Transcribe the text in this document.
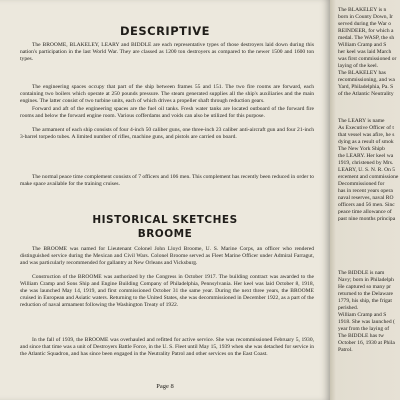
DESCRIPTIVE

The BROOME, BLAKELEY, LEARY and BIDDLE are each representative types of those destroyers laid down during this nation's participation in the last World War. They are classed as 1200 ton destroyers as compared to the newer 1500 and 1600 ton types.

The engineering spaces occupy that part of the ship between frames 55 and 151. The two fire rooms are forward, each containing two boilers which operate at 250 pounds pressure. The steam generated supplies all the ship's auxiliaries and the main engines. The latter consist of two turbine units, each of which drives a propeller shaft through reduction gears.

Forward and aft of the engineering spaces are the fuel oil tanks. Fresh water tanks are located outboard of the forward fire rooms and below the forward engine room. Various cofferdams and voids can also be utilized for this purpose.

The armament of each ship consists of four 4-inch 50 caliber guns, one three-inch 23 caliber anti-aircraft gun and four 21-inch 3-barrel torpedo tubes. A limited number of rifles, machine guns, and pistols are carried on board.

The normal peace time complement consists of 7 officers and 106 men. This complement has recently been reduced in order to make space available for the training cruises.

HISTORICAL SKETCHES
BROOME

The BROOME was named for Lieutenant Colonel John Lloyd Broome, U. S. Marine Corps, an officer who rendered distinguished service during the Mexican and Civil Wars. Colonel Broome served as Fleet Marine Officer under Admiral Farragut, and was particularly recommended for gallantry at New Orleans and Vicksburg.

Construction of the BROOME was authorized by the Congress in October 1917. The building contract was awarded to the William Cramp and Sons Ship and Engine Building Company of Philadelphia, Pennsylvania. Her keel was laid October 8, 1918, she was launched May 14, 1919, and first commissioned October 31 the same year. During the next three years, the BROOME cruised in European and Asiatic waters. Returning to the United States, she was decommissioned in December 1922, as a part of the reduction of naval armament following the Washington Treaty of 1922.

In the fall of 1939, the BROOME was overhauled and refitted for active service. She was recommissioned February 5, 1930, and since that time was a unit of Destroyers Battle Force, in the U. S. Fleet until May 15, 1939 when she was detached for service in the Atlantic Squadron, and has since been engaged in the Neutrality Patrol and other services on the East Coast.

Page 8

The BLAKELEY is n

born in County Down, Ir

served during the War o

REINDEER, for which a

medal. The WASP, the sh

William Cramp and S

her keel was laid March

was first commissioned or

laying of the keel.

The BLAKELEY has

recommissioning, and wa

Yard, Philadelphia, Pa. S

of the Atlantic Neutrality

The LEARY is name

As Executive Officer of t

that vessel was afire, he s

dying as a result of smok

The New York Shipb

the LEARY. Her keel wa

1919, christened by Mrs.

LEARY, U. S. N. R. On 5

ercement and commissione

Decommissioned for

has in recent years opera

naval reserves, naval RO

officers and 56 men. Sinc

peace time allowance of

past nine months principa

The BIDDLE is nam

Navy; born in Philadelph

He captured so many pr

returned to the Delaware

1779, his ship, the frigat

perished.

William Cramp and S

1918. She was launched (

year from the laying of

The BIDDLE has tw

October 16, 1930 at Phila

Patrol.
